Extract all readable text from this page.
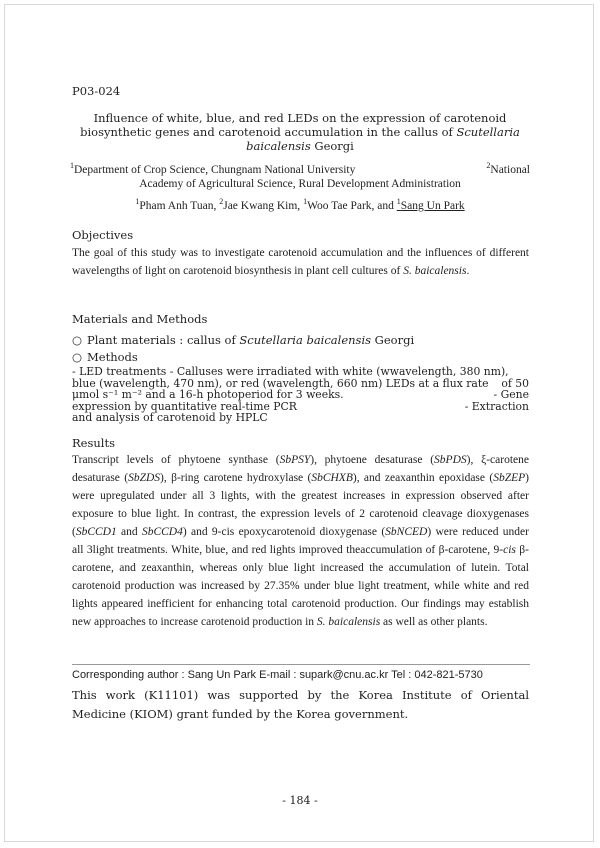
P03-024
Influence of white, blue, and red LEDs on the expression of carotenoid
biosynthetic genes and carotenoid accumulation in the callus of Scutellaria
baicalensis Georgi
$^1$Department of Crop Science, Chungnam National University	$^2$National
Academy of Agricultural Science, Rural Development Administration
$^1$Pham Anh Tuan, $^2$Jae Kwang Kim, $^1$Woo Tae Park, and $^1$Sang Un Park
Objectives
The goal of this study was to investigate carotenoid accumulation and the influences of different wavelengths of light on carotenoid biosynthesis in plant cell cultures of S. baicalensis.
Materials and Methods
○ Plant materials : callus of Scutellaria baicalensis Georgi
○ Methods
- LED treatments - Calluses were irradiated with white (wwavelength, 380 nm),
blue (wavelength, 470 nm), or red (wavelength, 660 nm) LEDs at a flux rate of 50
μmol s⁻¹ m⁻² and a 16-h photoperiod for 3 weeks.	- Gene
expression by quantitative real-time PCR	- Extraction
and analysis of carotenoid by HPLC
Results
Transcript levels of phytoene synthase (SbPSY), phytoene desaturase (SbPDS), ξ-carotene desaturase (SbZDS), β-ring carotene hydroxylase (SbCHXB), and zeaxanthin epoxidase (SbZEP) were upregulated under all 3 lights, with the greatest increases in expression observed after exposure to blue light. In contrast, the expression levels of 2 carotenoid cleavage dioxygenases (SbCCD1 and SbCCD4) and 9-cis epoxycarotenoid dioxygenase (SbNCED) were reduced under all 3light treatments. White, blue, and red lights improved theaccumulation of β-carotene, 9-cis β-carotene, and zeaxanthin, whereas only blue light increased the accumulation of lutein. Total carotenoid production was increased by 27.35% under blue light treatment, while white and red lights appeared inefficient for enhancing total carotenoid production. Our findings may establish new approaches to increase carotenoid production in S. baicalensis as well as other plants.
Corresponding author : Sang Un Park E-mail : supark@cnu.ac.kr Tel : 042-821-5730
This work (K11101) was supported by the Korea Institute of Oriental Medicine (KIOM) grant funded by the Korea government.
- 184 -
